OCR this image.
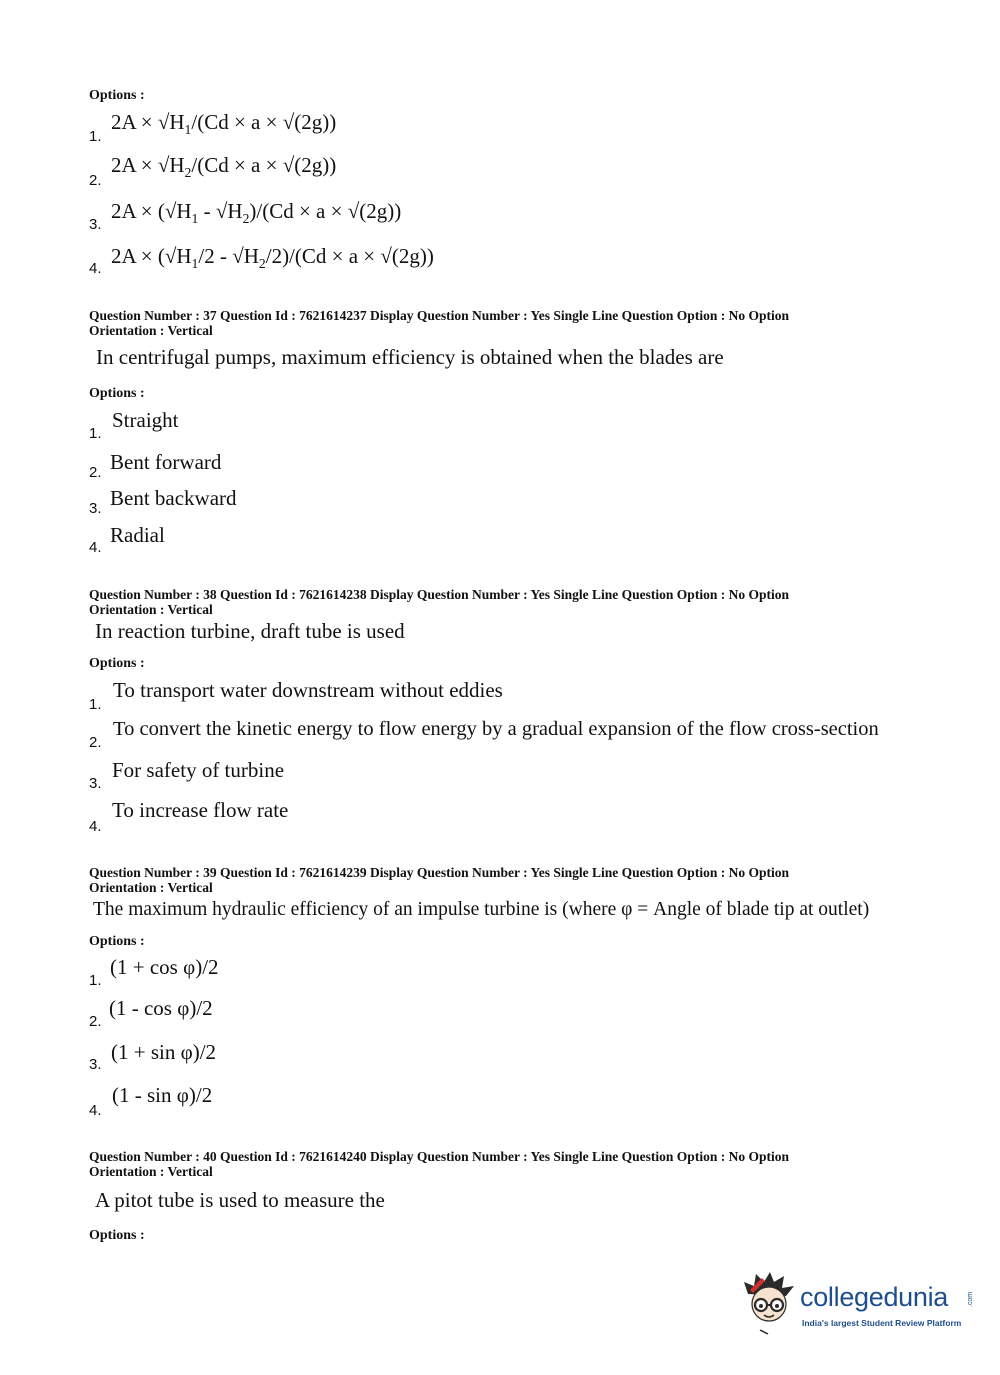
Options :
1.
$2A \times √H_1/(Cd \times a \times √(2g))$
2.
$2A \times √H_2/(Cd \times a \times √(2g))$
3.
$2A \times (√H_1 - √H_2)/(Cd \times a \times √(2g))$
4.
$2A \times (√H_1/2 - √H_2/2)/(Cd \times a \times √(2g))$
Question Number : 37 Question Id : 7621614237 Display Question Number : Yes Single Line Question Option : No Option
Orientation : Vertical
In centrifugal pumps, maximum efficiency is obtained when the blades are
Options :
1.
Straight
2. Bent forward
3. Bent backward
4.
Radial
Question Number : 38 Question Id : 7621614238 Display Question Number : Yes Single Line Question Option : No Option
Orientation : Vertical
In reaction turbine, draft tube is used
Options :
1.
To transport water downstream without eddies
2.
To convert the kinetic energy to flow energy by a gradual expansion of the flow cross-section
3.
For safety of turbine
4.
To increase flow rate
Question Number : 39 Question Id : 7621614239 Display Question Number : Yes Single Line Question Option : No Option
Orientation : Vertical
The maximum hydraulic efficiency of an impulse turbine is (where φ = Angle of blade tip at outlet)
Options :
1.
(1 + cos φ)/2
2.
(1 - cos φ)/2
3.
(1 + sin φ)/2
4.
(1 - sin φ)/2
Question Number : 40 Question Id : 7621614240 Display Question Number : Yes Single Line Question Option : No Option
Orientation : Vertical
A pitot tube is used to measure the
Options :
collegedunia	.com
India's largest Student Review Platform
